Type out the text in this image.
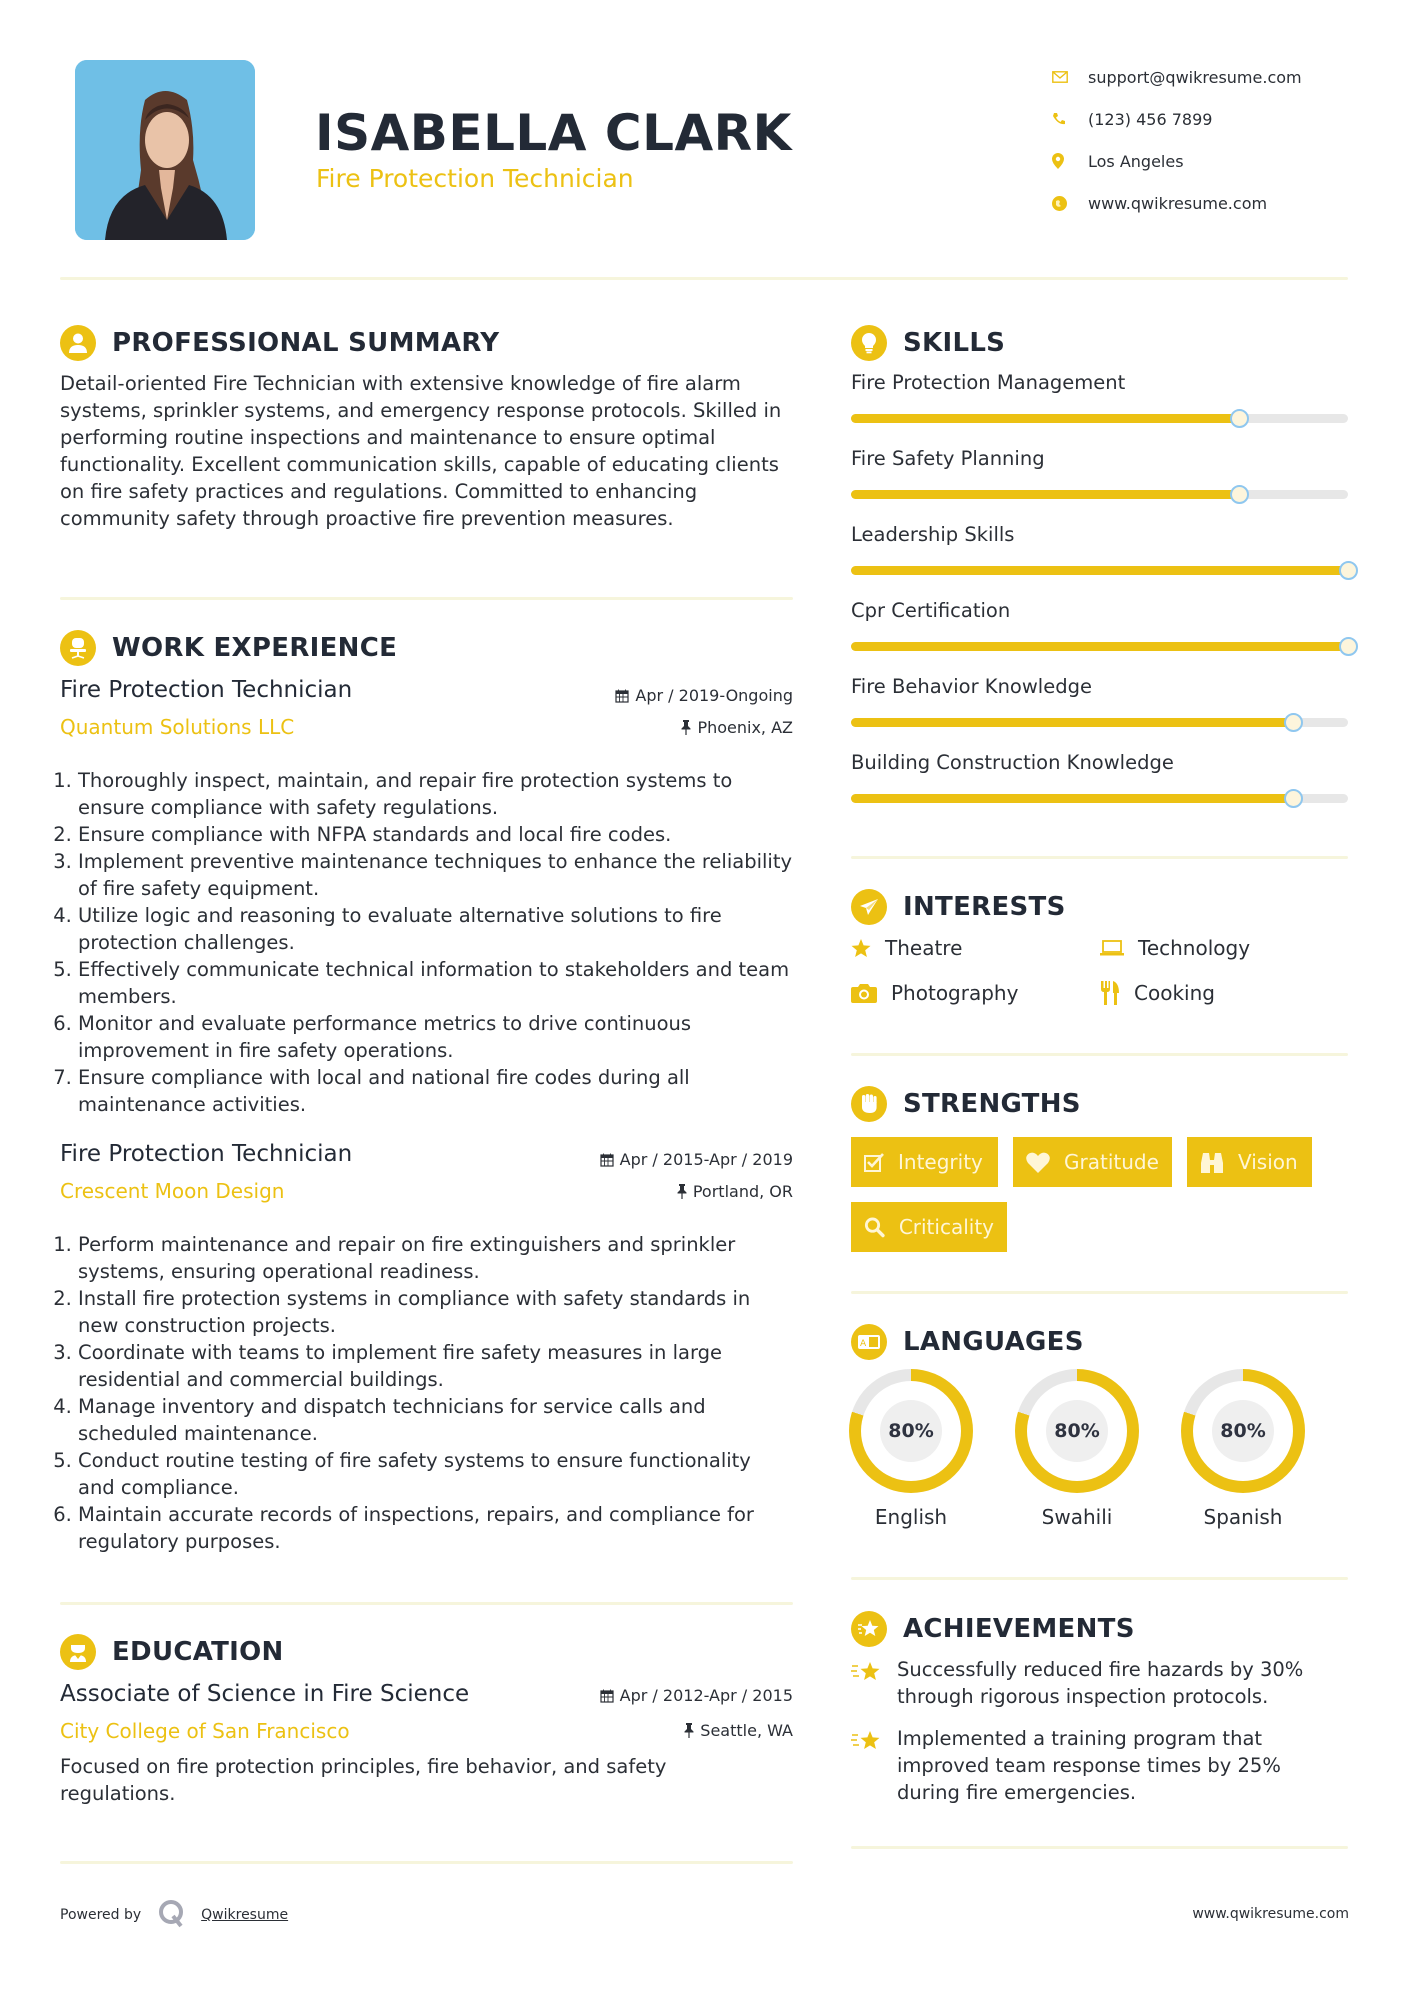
ISABELLA CLARK
Fire Protection Technician
support@qwikresume.com
(123) 456 7899
Los Angeles
www.qwikresume.com
PROFESSIONAL SUMMARY
Detail-oriented Fire Technician with extensive knowledge of fire alarm systems, sprinkler systems, and emergency response protocols. Skilled in performing routine inspections and maintenance to ensure optimal functionality. Excellent communication skills, capable of educating clients on fire safety practices and regulations. Committed to enhancing community safety through proactive fire prevention measures.
WORK EXPERIENCE
Fire Protection Technician
Quantum Solutions LLC
Apr / 2019-Ongoing
Phoenix, AZ
1. Thoroughly inspect, maintain, and repair fire protection systems to ensure compliance with safety regulations.
2. Ensure compliance with NFPA standards and local fire codes.
3. Implement preventive maintenance techniques to enhance the reliability of fire safety equipment.
4. Utilize logic and reasoning to evaluate alternative solutions to fire protection challenges.
5. Effectively communicate technical information to stakeholders and team members.
6. Monitor and evaluate performance metrics to drive continuous improvement in fire safety operations.
7. Ensure compliance with local and national fire codes during all maintenance activities.
Fire Protection Technician
Crescent Moon Design
Apr / 2015-Apr / 2019
Portland, OR
1. Perform maintenance and repair on fire extinguishers and sprinkler systems, ensuring operational readiness.
2. Install fire protection systems in compliance with safety standards in new construction projects.
3. Coordinate with teams to implement fire safety measures in large residential and commercial buildings.
4. Manage inventory and dispatch technicians for service calls and scheduled maintenance.
5. Conduct routine testing of fire safety systems to ensure functionality and compliance.
6. Maintain accurate records of inspections, repairs, and compliance for regulatory purposes.
EDUCATION
Associate of Science in Fire Science
City College of San Francisco
Apr / 2012-Apr / 2015
Seattle, WA
Focused on fire protection principles, fire behavior, and safety regulations.
SKILLS
Fire Protection Management
Fire Safety Planning
Leadership Skills
Cpr Certification
Fire Behavior Knowledge
Building Construction Knowledge
INTERESTS
Theatre	Technology
Photography	Cooking
STRENGTHS
Integrity	Gratitude	Vision
Criticality
A LANGUAGES
80%
English
80%
Swahili
80%
Spanish
ACHIEVEMENTS
Successfully reduced fire hazards by 30% through rigorous inspection protocols.
Implemented a training program that improved team response times by 25% during fire emergencies.
Powered by	Qwikresume	www.qwikresume.com
